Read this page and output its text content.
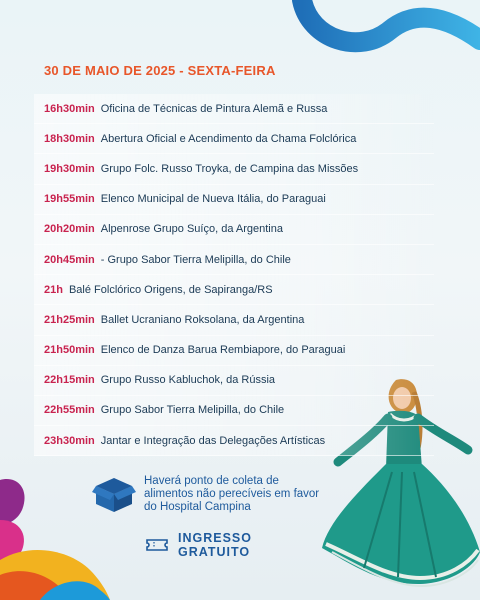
30 DE MAIO DE 2025 - SEXTA-FEIRA
16h30min Oficina de Técnicas de Pintura Alemã e Russa
18h30min Abertura Oficial e Acendimento da Chama Folclórica
19h30min Grupo Folc. Russo Troyka, de Campina das Missões
19h55min Elenco Municipal de Nueva Itália, do Paraguai
20h20min Alpenrose Grupo Suíço, da Argentina
20h45min - Grupo Sabor Tierra Melipilla, do Chile
21h Balé Folclórico Origens, de Sapiranga/RS
21h25min Ballet Ucraniano Roksolana, da Argentina
21h50min Elenco de Danza Barua Rembiapore, do Paraguai
22h15min Grupo Russo Kabluchok, da Rússia
22h55min Grupo Sabor Tierra Melipilla, do Chile
23h30min Jantar e Integração das Delegações Artísticas
Haverá ponto de coleta de alimentos não perecíveis em favor do Hospital Campina
INGRESSO
GRATUITO
